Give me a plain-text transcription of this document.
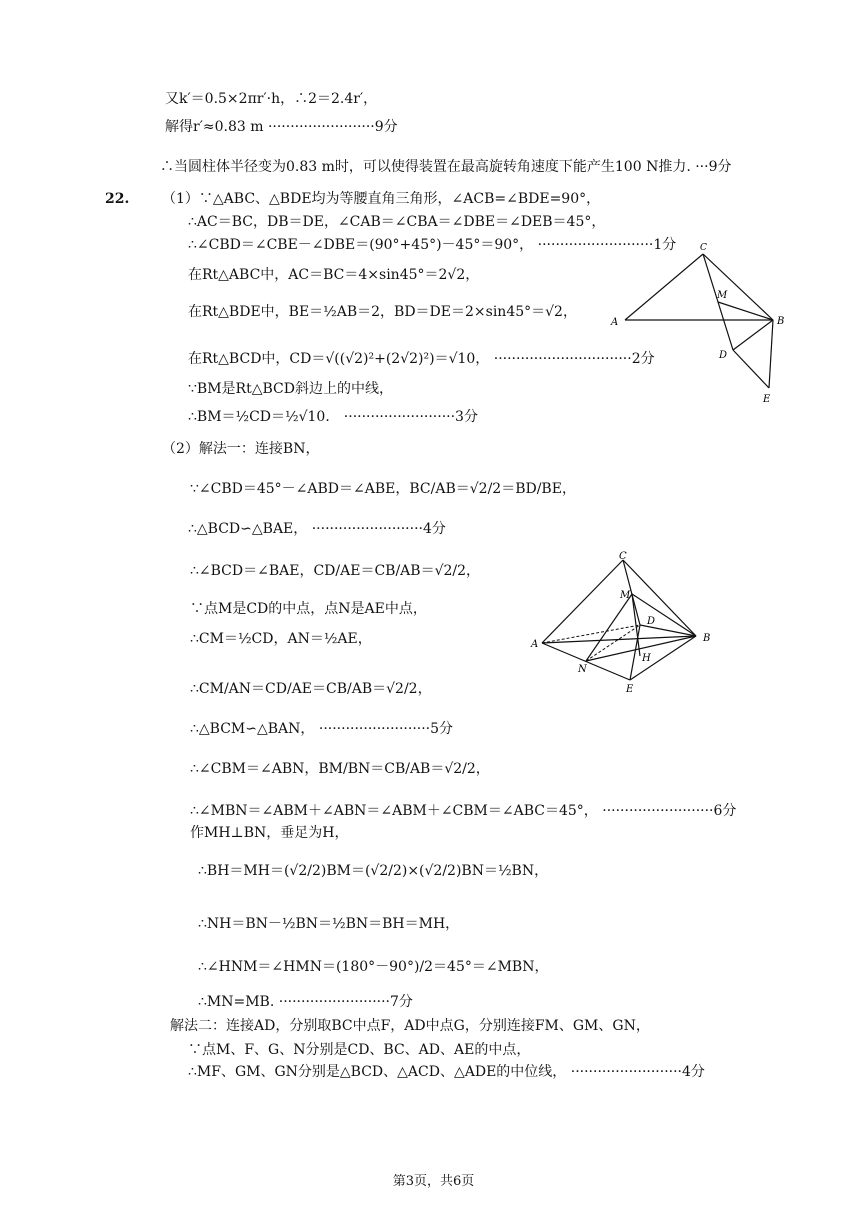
又k′＝0.5×2πr′·h，∴2＝2.4r′，
解得r′≈0.83 m ························9分
∴当圆柱体半径变为0.83 m时，可以使得装置在最高旋转角速度下能产生100 N推力. ···9分
22. （1）∵△ABC、△BDE均为等腰直角三角形，∠ACB=∠BDE=90°，
∴AC＝BC，DB＝DE，∠CAB＝∠CBA＝∠DBE＝∠DEB＝45°，
∴∠CBD＝∠CBE－∠DBE＝(90°+45°)－45°＝90°， ··························1分
在Rt△ABC中，AC＝BC＝4×sin45°＝2√2，
在Rt△BDE中，BE＝½AB＝2，BD＝DE＝2×sin45°＝√2，
在Rt△BCD中，CD＝√((√2)²+(2√2)²)＝√10， ·······························2分
∵BM是Rt△BCD斜边上的中线，
∴BM＝½CD＝½√10． ·························3分
（2）解法一：连接BN，
∵∠CBD＝45°－∠ABD＝∠ABE，BC/AB＝√2/2＝BD/BE，
∴△BCD∽△BAE， ·························4分
∴∠BCD＝∠BAE，CD/AE＝CB/AB＝√2/2，
∵点M是CD的中点，点N是AE中点，
∴CM＝½CD，AN＝½AE，
∴CM/AN＝CD/AE＝CB/AB＝√2/2，
∴△BCM∽△BAN， ·························5分
∴∠CBM＝∠ABN，BM/BN＝CB/AB＝√2/2，
∴∠MBN＝∠ABM＋∠ABN＝∠ABM＋∠CBM＝∠ABC＝45°， ·························6分
作MH⊥BN，垂足为H，
∴BH＝MH＝(√2/2)BM＝(√2/2)×(√2/2)BN＝½BN，
∴NH＝BN－½BN＝½BN＝BH＝MH，
∴∠HNM＝∠HMN＝(180°－90°)/2＝45°＝∠MBN，
∴MN=MB. ·························7分
解法二：连接AD，分别取BC中点F，AD中点G，分别连接FM、GM、GN，
∵点M、F、G、N分别是CD、BC、AD、AE的中点，
∴MF、GM、GN分别是△BCD、△ACD、△ADE的中位线， ·························4分
C
M
A	B
D
E
C
M
D
A
B
N
H
E
第3页，共6页
